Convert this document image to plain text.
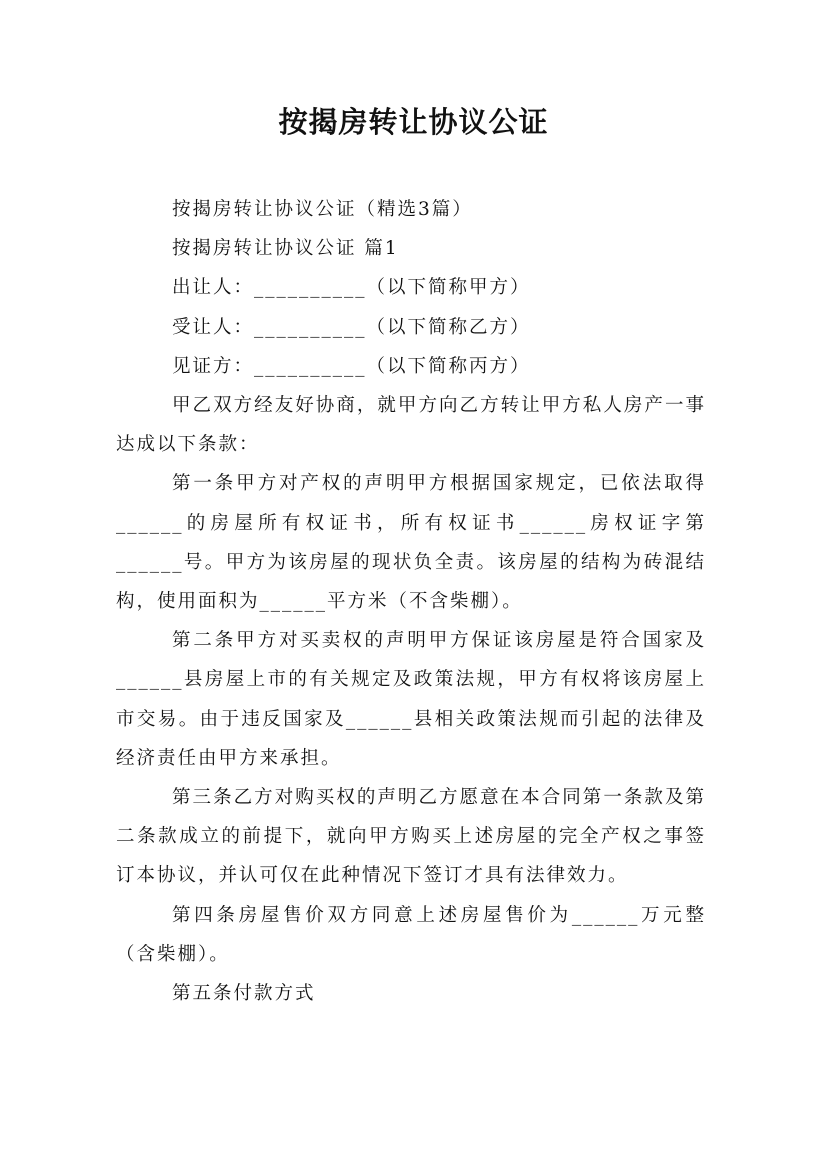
按揭房转让协议公证

按揭房转让协议公证（精选3篇）

按揭房转让协议公证 篇1

出让人：__________（以下简称甲方）

受让人：__________（以下简称乙方）

见证方：__________（以下简称丙方）

甲乙双方经友好协商，就甲方向乙方转让甲方私人房产一事达成以下条款：

第一条甲方对产权的声明甲方根据国家规定，已依法取得______的房屋所有权证书，所有权证书______房权证字第______号。甲方为该房屋的现状负全责。该房屋的结构为砖混结构，使用面积为______平方米（不含柴棚）。

第二条甲方对买卖权的声明甲方保证该房屋是符合国家及______县房屋上市的有关规定及政策法规，甲方有权将该房屋上市交易。由于违反国家及______县相关政策法规而引起的法律及经济责任由甲方来承担。

第三条乙方对购买权的声明乙方愿意在本合同第一条款及第二条款成立的前提下，就向甲方购买上述房屋的完全产权之事签订本协议，并认可仅在此种情况下签订才具有法律效力。

第四条房屋售价双方同意上述房屋售价为______万元整（含柴棚）。

第五条付款方式
